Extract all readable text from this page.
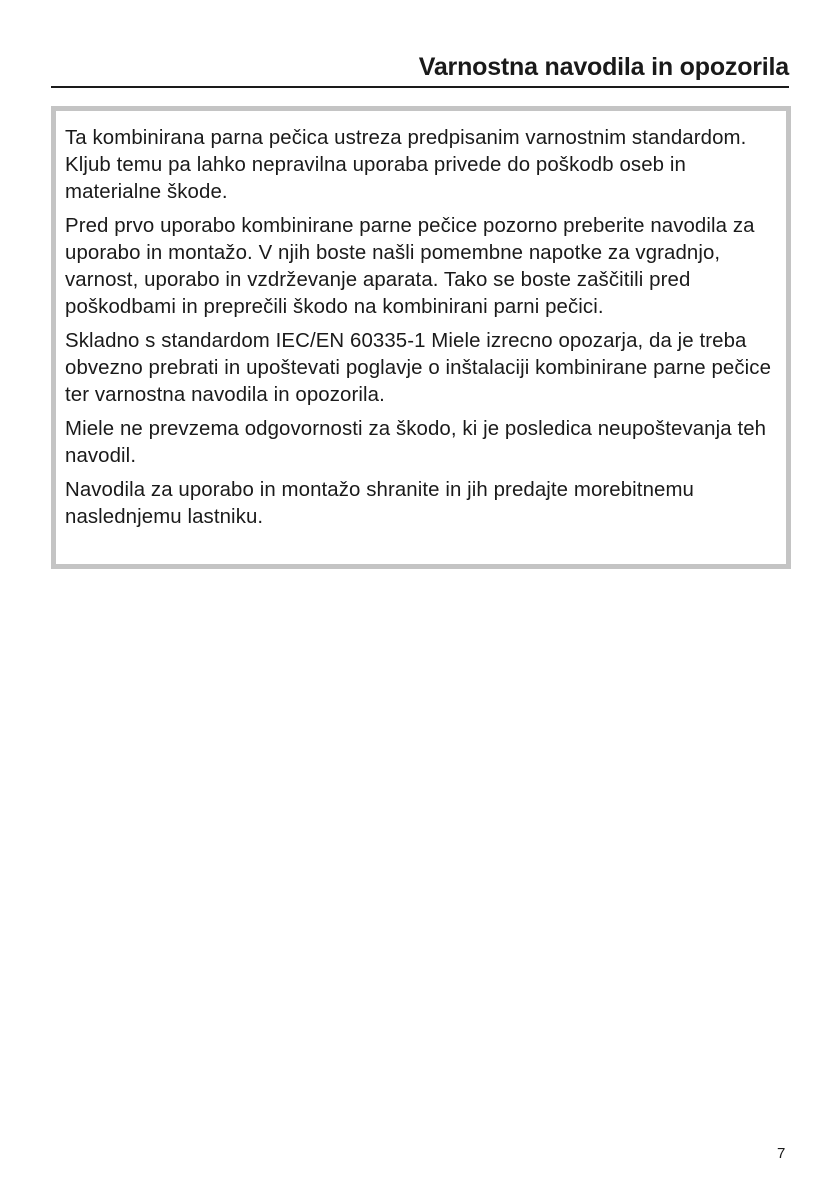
Varnostna navodila in opozorila

Ta kombinirana parna pečica ustreza predpisanim varnostnim standardom. Kljub temu pa lahko nepravilna uporaba privede do poškodb oseb in materialne škode.

Pred prvo uporabo kombinirane parne pečice pozorno preberite navodila za uporabo in montažo. V njih boste našli pomembne napotke za vgradnjo, varnost, uporabo in vzdrževanje aparata. Tako se boste zaščitili pred poškodbami in preprečili škodo na kombinirani parni pečici.

Skladno s standardom IEC/EN 60335-1 Miele izrecno opozarja, da je treba obvezno prebrati in upoštevati poglavje o inštalaciji kombinirane parne pečice ter varnostna navodila in opozorila.

Miele ne prevzema odgovornosti za škodo, ki je posledica neupoštevanja teh navodil.

Navodila za uporabo in montažo shranite in jih predajte morebitnemu naslednjemu lastniku.

7
